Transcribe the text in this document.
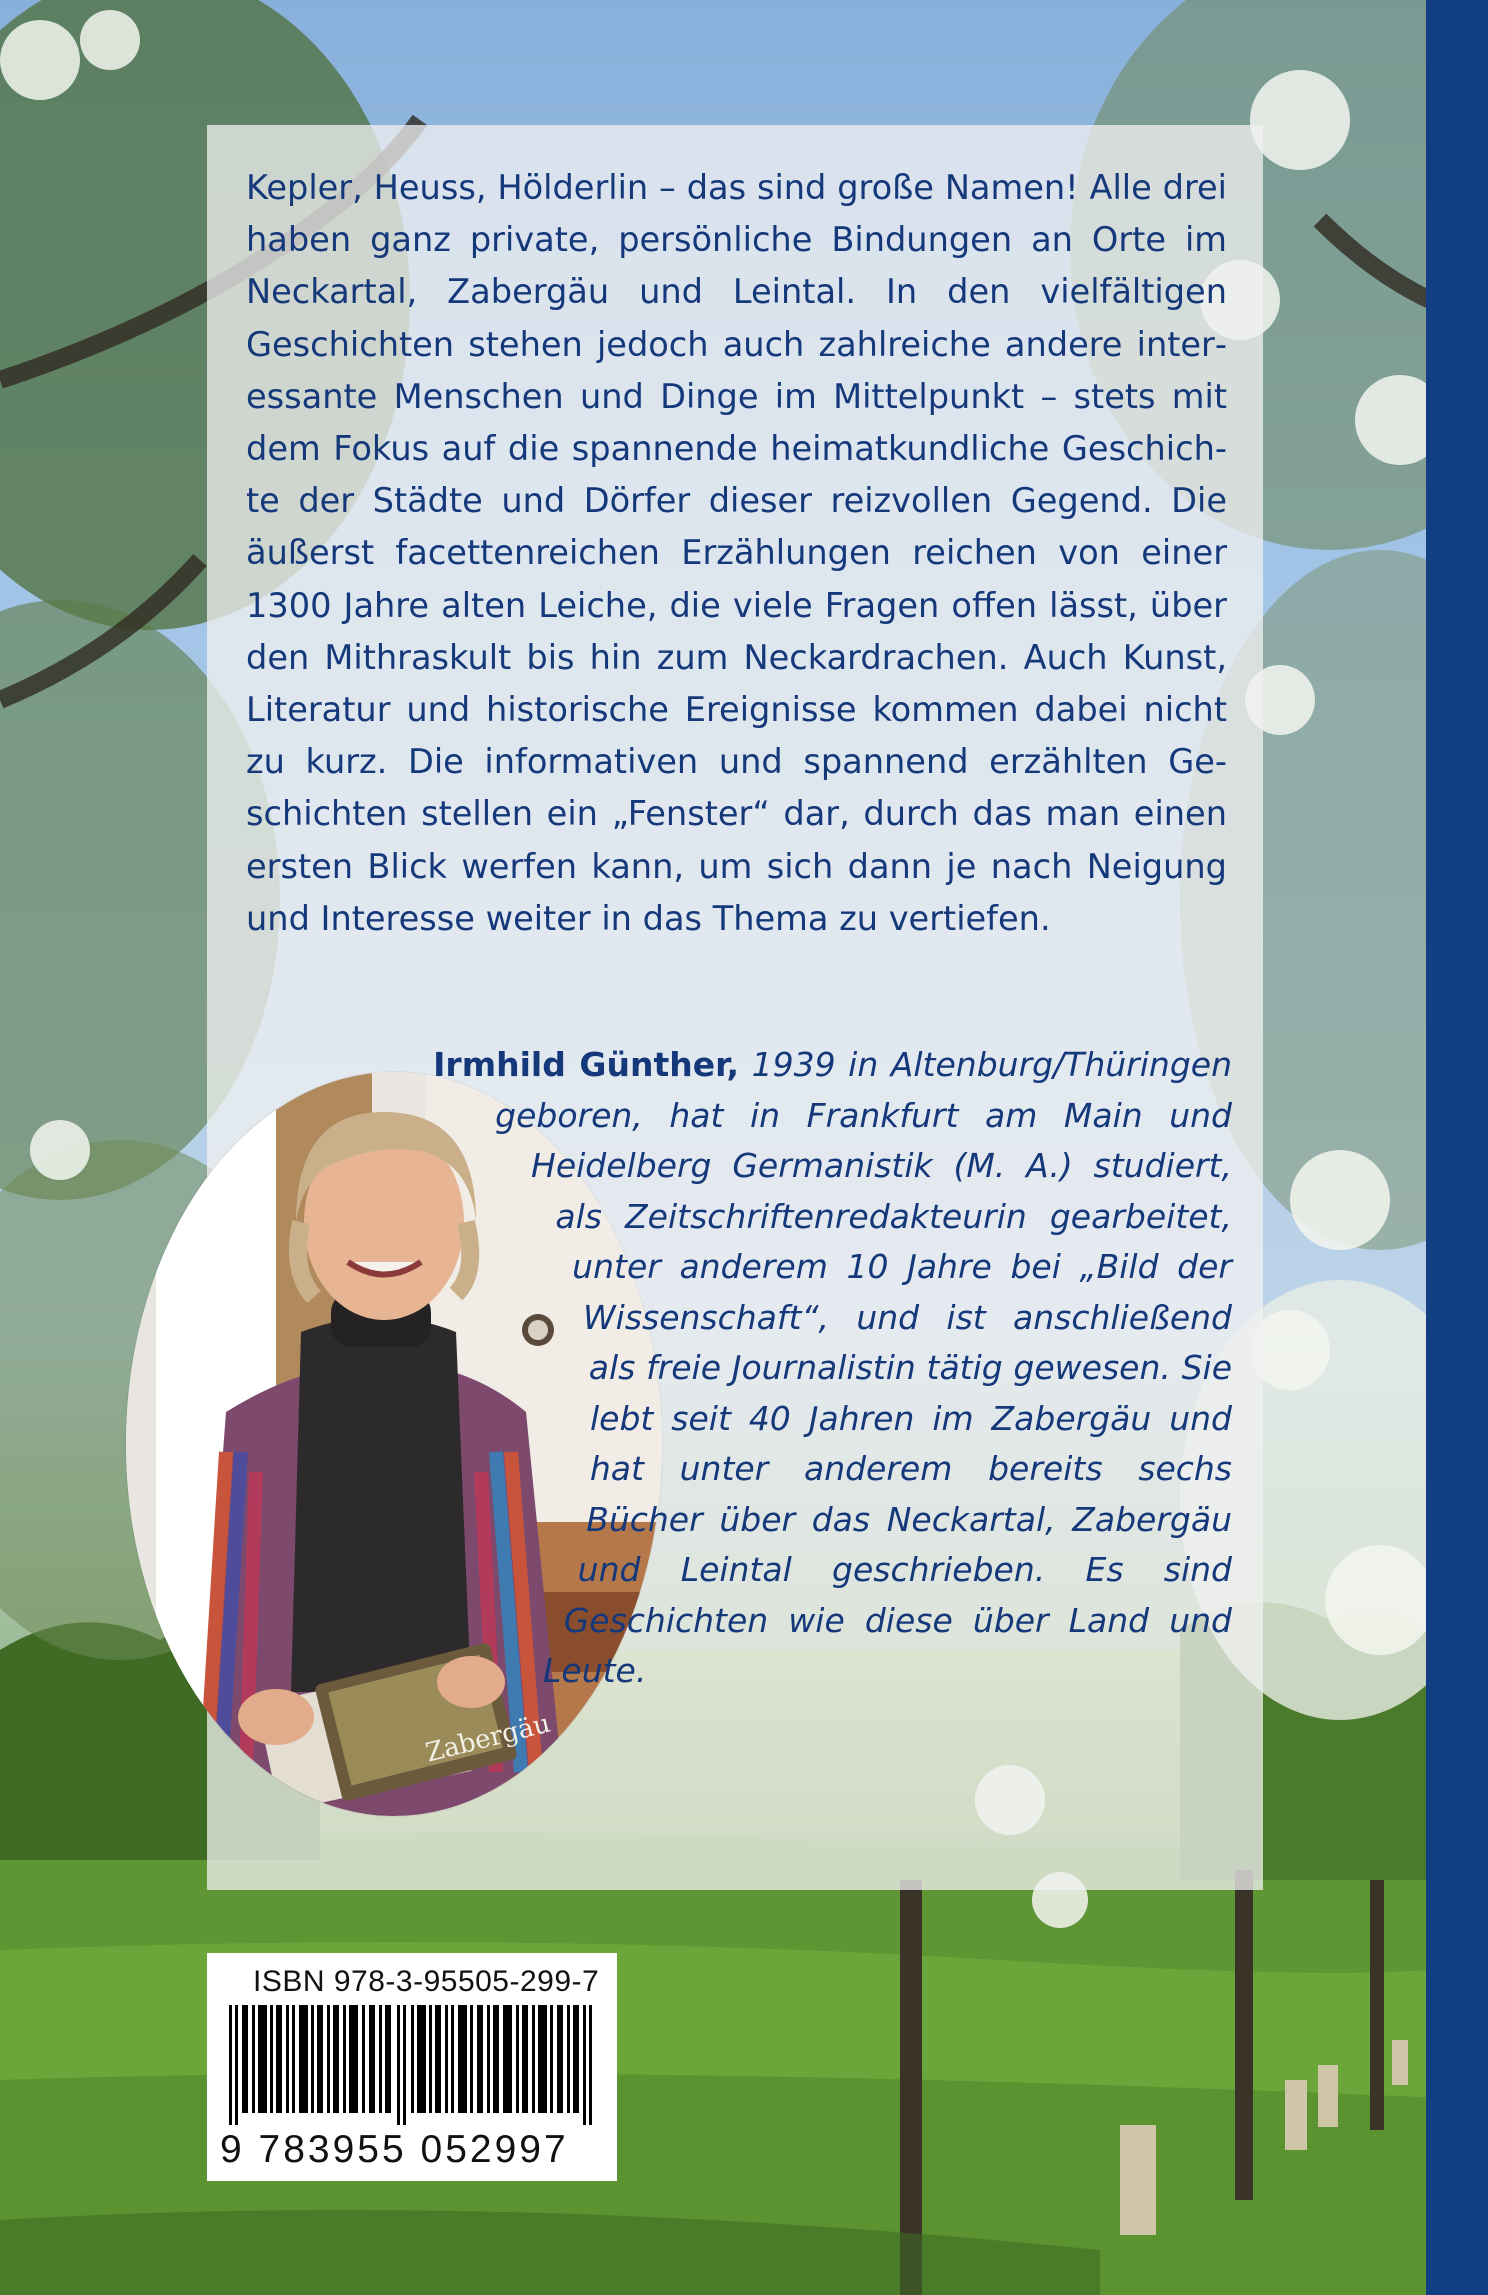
Kepler, Heuss, Hölderlin – das sind große Namen! Alle drei haben ganz private, persönliche Bindungen an Orte im Neckartal, Zabergäu und Leintal. In den vielfältigen Geschichten stehen jedoch auch zahlreiche andere interessante Menschen und Dinge im Mittelpunkt – stets mit dem Fokus auf die spannende heimatkundliche Geschichte der Städte und Dörfer dieser reizvollen Gegend. Die äußerst facettenreichen Erzählungen reichen von einer 1300 Jahre alten Leiche, die viele Fragen offen lässt, über den Mithraskult bis hin zum Neckardrachen. Auch Kunst, Literatur und historische Ereignisse kommen dabei nicht zu kurz. Die informativen und spannend erzählten Geschichten stellen ein „Fenster“ dar, durch das man einen ersten Blick werfen kann, um sich dann je nach Neigung und Interesse weiter in das Thema zu vertiefen.

Zabergäu

Irmhild Günther, 1939 in Altenburg/Thüringen geboren, hat in Frankfurt am Main und Heidelberg Germanistik (M. A.) studiert, als Zeitschriftenredakteurin gearbeitet, unter anderem 10 Jahre bei „Bild der Wissenschaft“, und ist anschließend als freie Journalistin tätig gewesen. Sie lebt seit 40 Jahren im Zabergäu und hat unter anderem bereits sechs Bücher über das Neckartal, Zabergäu und Leintal geschrieben. Es sind Geschichten wie diese über Land und Leute.

ISBN 978-3-95505-299-7
9 783955 052997
